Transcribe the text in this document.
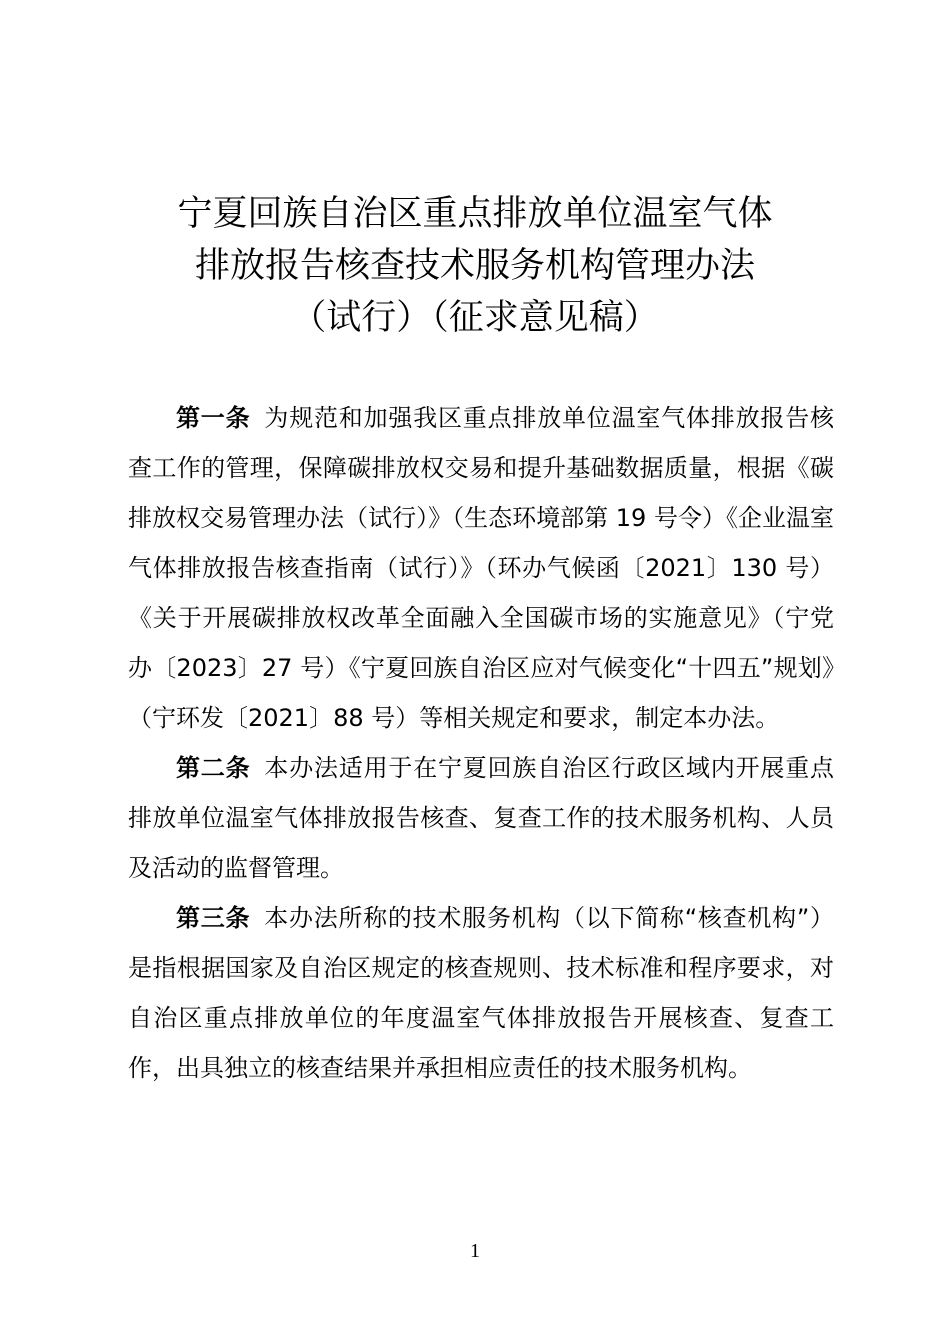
宁夏回族自治区重点排放单位温室气体
排放报告核查技术服务机构管理办法
（试行）（征求意见稿）

第一条 为规范和加强我区重点排放单位温室气体排放报告核查工作的管理，保障碳排放权交易和提升基础数据质量，根据《碳排放权交易管理办法（试行）》（生态环境部第 19 号令）《企业温室气体排放报告核查指南（试行）》（环办气候函〔2021〕130 号）《关于开展碳排放权改革全面融入全国碳市场的实施意见》（宁党办〔2023〕27 号）《宁夏回族自治区应对气候变化“十四五”规划》（宁环发〔2021〕88 号）等相关规定和要求，制定本办法。

第二条 本办法适用于在宁夏回族自治区行政区域内开展重点排放单位温室气体排放报告核查、复查工作的技术服务机构、人员及活动的监督管理。

第三条 本办法所称的技术服务机构（以下简称“核查机构”）是指根据国家及自治区规定的核查规则、技术标准和程序要求，对自治区重点排放单位的年度温室气体排放报告开展核查、复查工作，出具独立的核查结果并承担相应责任的技术服务机构。

1
